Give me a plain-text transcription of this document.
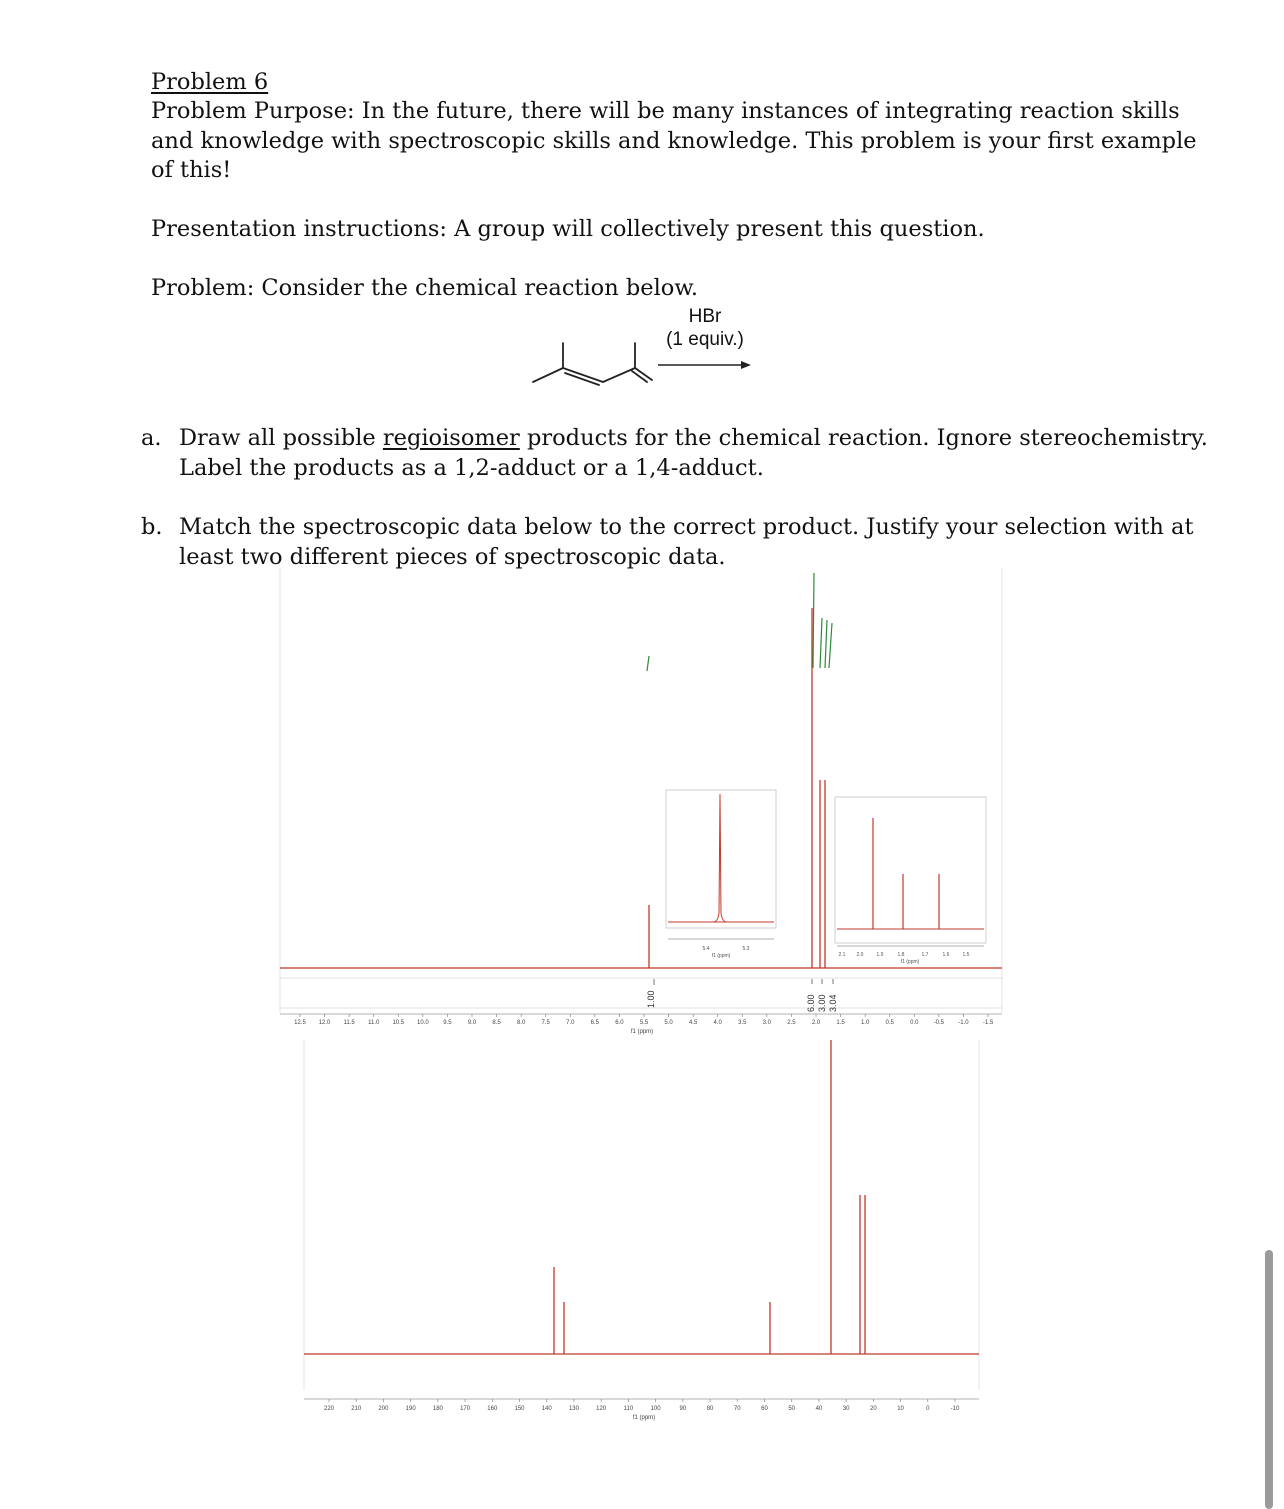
Problem 6
Problem Purpose: In the future, there will be many instances of integrating reaction skills
and knowledge with spectroscopic skills and knowledge. This problem is your first example
of this!
Presentation instructions: A group will collectively present this question.
Problem: Consider the chemical reaction below.
HBr
(1 equiv.)
a. Draw all possible regioisomer products for the chemical reaction. Ignore stereochemistry.
Label the products as a 1,2-adduct or a 1,4-adduct.
b. Match the spectroscopic data below to the correct product. Justify your selection with at
least two different pieces of spectroscopic data.
5.4	5.3
f1 (ppm)	2.1 2.0	1.9	1.8	1.7	1.6	1.5
f1 (ppm)
1.00	6.00 3.00 3.04
12.5 12.0 11.5 11.0 10.5 10.0 9.5	9.0	8.5	8.0	7.5	7.0	6.5	6.0	5.5	5.0	4.5	4.0	3.5	3.0	2.5	2.0	1.5	1.0	0.5	0.0	-0.5 -1.0 -1.5
f1 (ppm)
220	210	200	190	180	170	160	150	140	130	120	110	100	90	80	70	60	50	40	30	20	10	0	-10
f1 (ppm)
